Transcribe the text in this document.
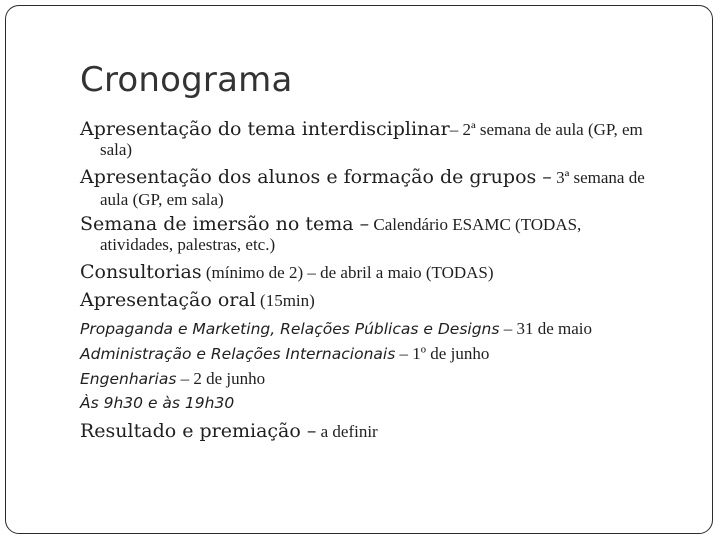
Cronograma
Apresentação do tema interdisciplinar– 2ª semana de aula (GP, em
sala)
Apresentação dos alunos e formação de grupos – 3ª semana de
aula (GP, em sala)
Semana de imersão no tema – Calendário ESAMC (TODAS,
atividades, palestras, etc.)
Consultorias (mínimo de 2) – de abril a maio (TODAS)
Apresentação oral (15min)
Propaganda e Marketing, Relações Públicas e Designs – 31 de maio
Administração e Relações Internacionais – 1º de junho
Engenharias – 2 de junho
Às 9h30 e às 19h30
Resultado e premiação – a definir
